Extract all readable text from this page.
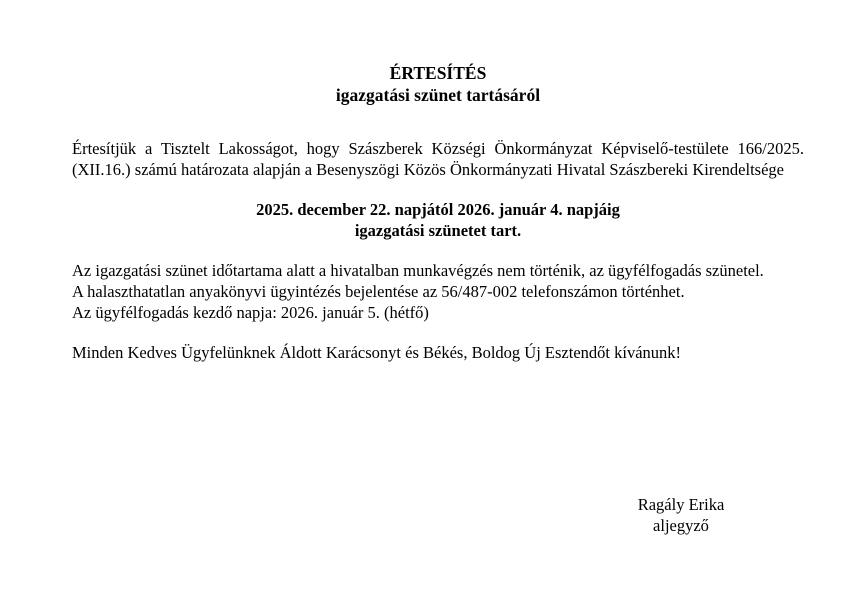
ÉRTESÍTÉS
igazgatási szünet tartásáról

Értesítjük a Tisztelt Lakosságot, hogy Szászberek Községi Önkormányzat Képviselő-testülete 166/2025.(XII.16.) számú határozata alapján a Besenyszögi Közös Önkormányzati Hivatal Szászbereki Kirendeltsége

2025. december 22. napjától 2026. január 4. napjáig
igazgatási szünetet tart.

Az igazgatási szünet időtartama alatt a hivatalban munkavégzés nem történik, az ügyfélfogadás szünetel.

A halaszthatatlan anyakönyvi ügyintézés bejelentése az 56/487-002 telefonszámon történhet.

Az ügyfélfogadás kezdő napja: 2026. január 5. (hétfő)

Minden Kedves Ügyfelünknek Áldott Karácsonyt és Békés, Boldog Új Esztendőt kívánunk!

Ragály Erika
aljegyző
